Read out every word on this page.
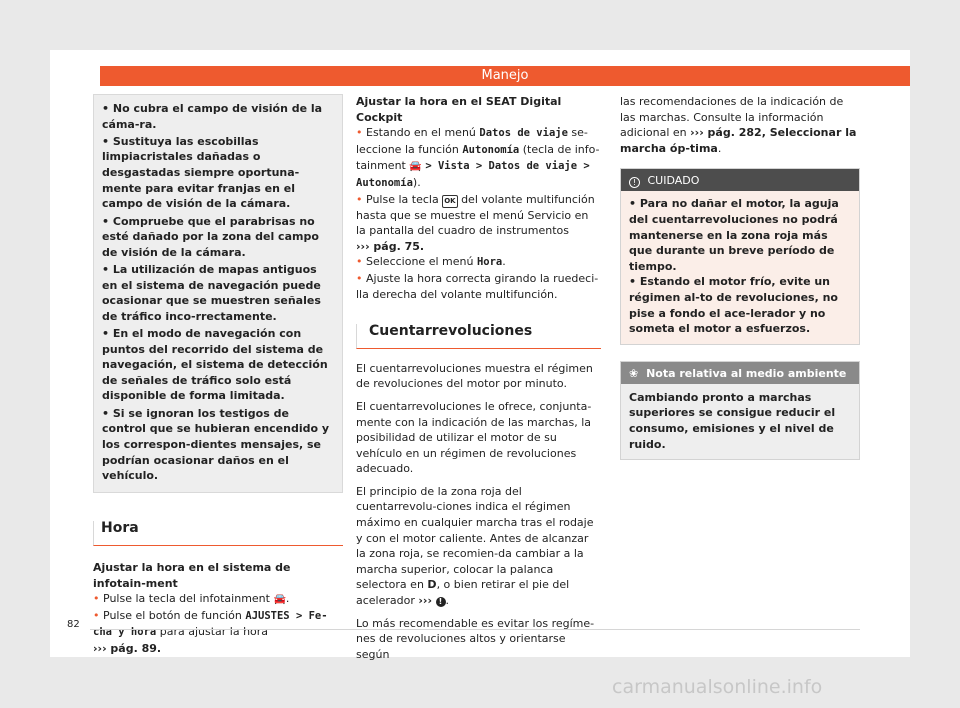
Manejo

• No cubra el campo de visión de la cáma-ra.

• Sustituya las escobillas limpiacristales dañadas o desgastadas siempre oportuna-mente para evitar franjas en el campo de visión de la cámara.

• Compruebe que el parabrisas no esté dañado por la zona del campo de visión de la cámara.

• La utilización de mapas antiguos en el sistema de navegación puede ocasionar que se muestren señales de tráfico inco-rrectamente.

• En el modo de navegación con puntos del recorrido del sistema de navegación, el sistema de detección de señales de tráfico solo está disponible de forma limitada.

• Si se ignoran los testigos de control que se hubieran encendido y los correspon-dientes mensajes, se podrían ocasionar daños en el vehículo.

Hora
Ajustar la hora en el sistema de infotain-ment

• Pulse la tecla del infotainment 🚘.

• Pulse el botón de función AJUSTES > Fe-cha y hora para ajustar la hora
››› pág. 89.

Ajustar la hora en el SEAT Digital Cockpit

• Estando en el menú Datos de viaje se-leccione la función Autonomía (tecla de info-tainment 🚘 > Vista > Datos de viaje > Autonomía).

• Pulse la tecla OK del volante multifunción hasta que se muestre el menú Servicio en la pantalla del cuadro de instrumentos
››› pág. 75.

• Seleccione el menú Hora.

• Ajuste la hora correcta girando la ruedeci-lla derecha del volante multifunción.

Cuentarrevoluciones

El cuentarrevoluciones muestra el régimen de revoluciones del motor por minuto.

El cuentarrevoluciones le ofrece, conjunta-mente con la indicación de las marchas, la posibilidad de utilizar el motor de su vehículo en un régimen de revoluciones adecuado.

El principio de la zona roja del cuentarrevolu-ciones indica el régimen máximo en cualquier marcha tras el rodaje y con el motor caliente. Antes de alcanzar la zona roja, se recomien-da cambiar a la marcha superior, colocar la palanca selectora en D, o bien retirar el pie del acelerador ››› ! .

Lo más recomendable es evitar los regíme-nes de revoluciones altos y orientarse según

las recomendaciones de la indicación de las marchas. Consulte la información adicional en ››› pág. 282, Seleccionar la marcha óp-tima.

! CUIDADO

• Para no dañar el motor, la aguja del cuentarrevoluciones no podrá mantenerse en la zona roja más que durante un breve período de tiempo.

• Estando el motor frío, evite un régimen al-to de revoluciones, no pise a fondo el ace-lerador y no someta el motor a esfuerzos.

❀ Nota relativa al medio ambiente
Cambiando pronto a marchas superiores se consigue reducir el consumo, emisiones y el nivel de ruido.
82
carmanualsonline.info
